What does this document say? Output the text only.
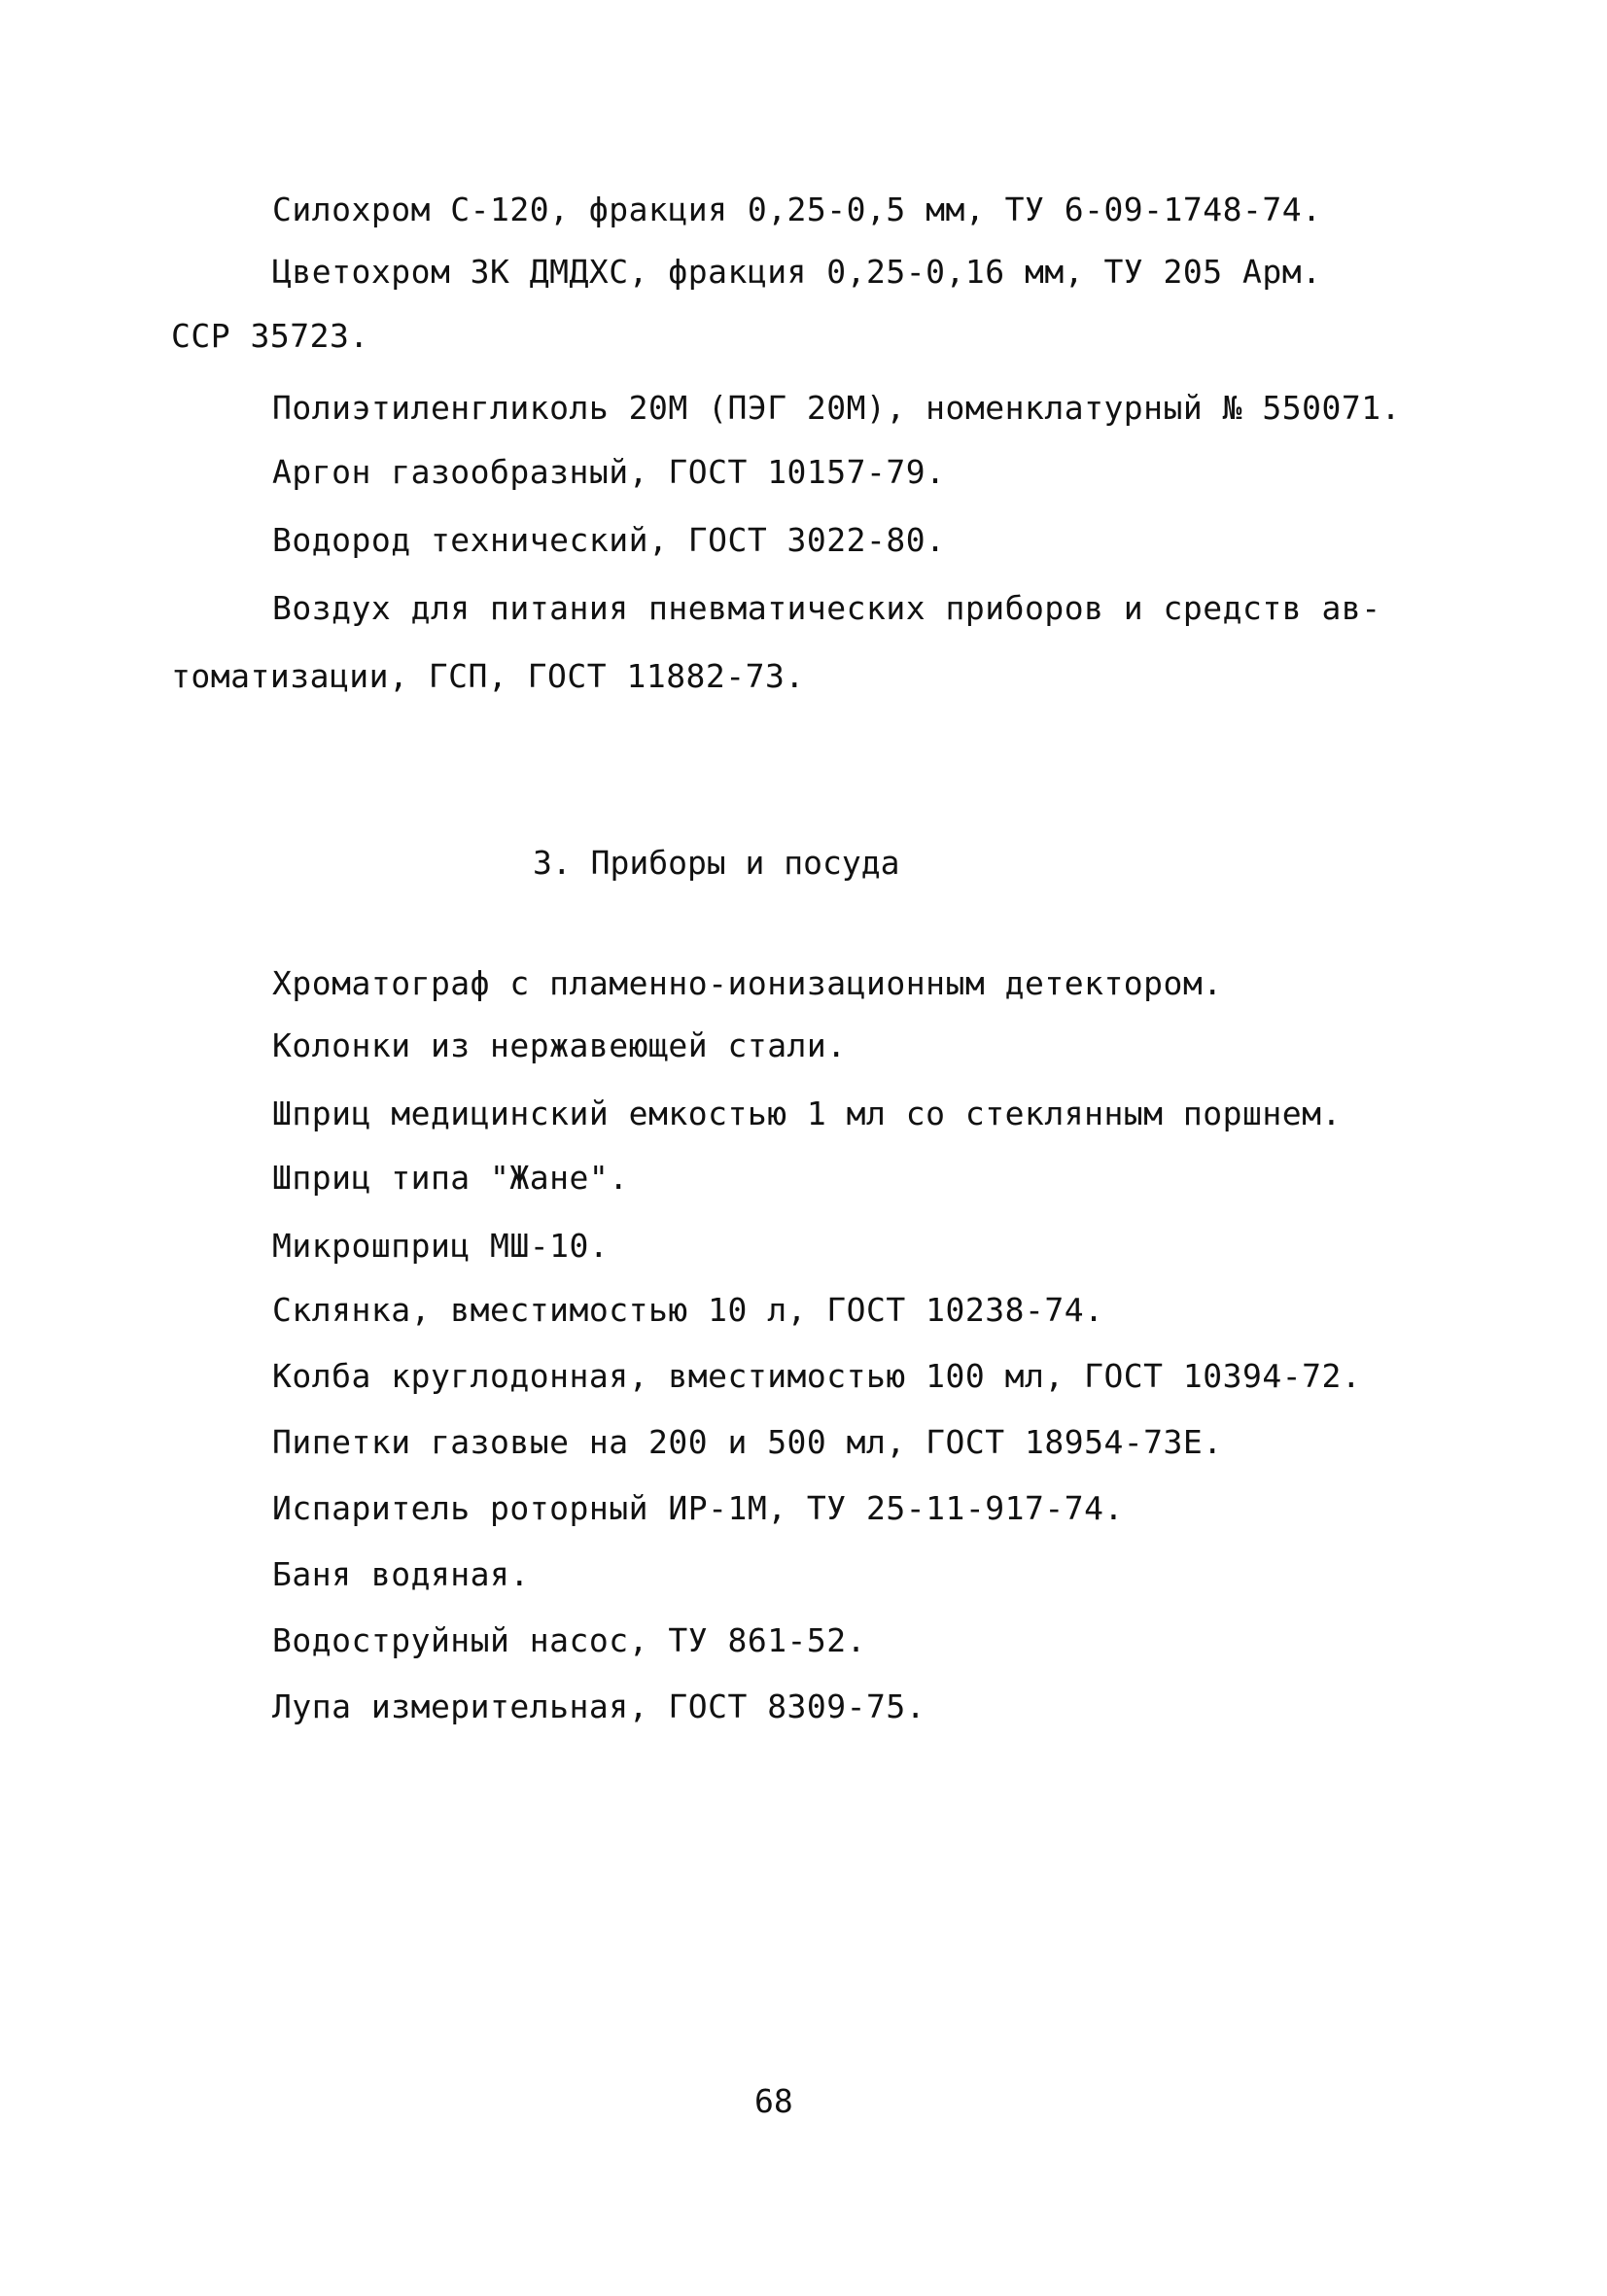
Силохром С-120, фракция 0,25-0,5 мм, ТУ 6-09-1748-74.
Цветохром ЗК ДМДХС, фракция 0,25-0,16 мм, ТУ 205 Арм.
ССР 35723.
Полиэтиленгликоль 20М (ПЭГ 20М), номенклатурный № 550071.
Аргон газообразный, ГОСТ 10157-79.
Водород технический, ГОСТ 3022-80.
Воздух для питания пневматических приборов и средств ав-
томатизации, ГСП, ГОСТ 11882-73.
3. Приборы и посуда
Хроматограф с пламенно-ионизационным детектором.
Колонки из нержавеющей стали.
Шприц медицинский емкостью 1 мл со стеклянным поршнем.
Шприц типа "Жане".
Микрошприц МШ-10.
Склянка, вместимостью 10 л, ГОСТ 10238-74.
Колба круглодонная, вместимостью 100 мл, ГОСТ 10394-72.
Пипетки газовые на 200 и 500 мл, ГОСТ 18954-73Е.
Испаритель роторный ИР-1М, ТУ 25-11-917-74.
Баня водяная.
Водоструйный насос, ТУ 861-52.
Лупа измерительная, ГОСТ 8309-75.
68
